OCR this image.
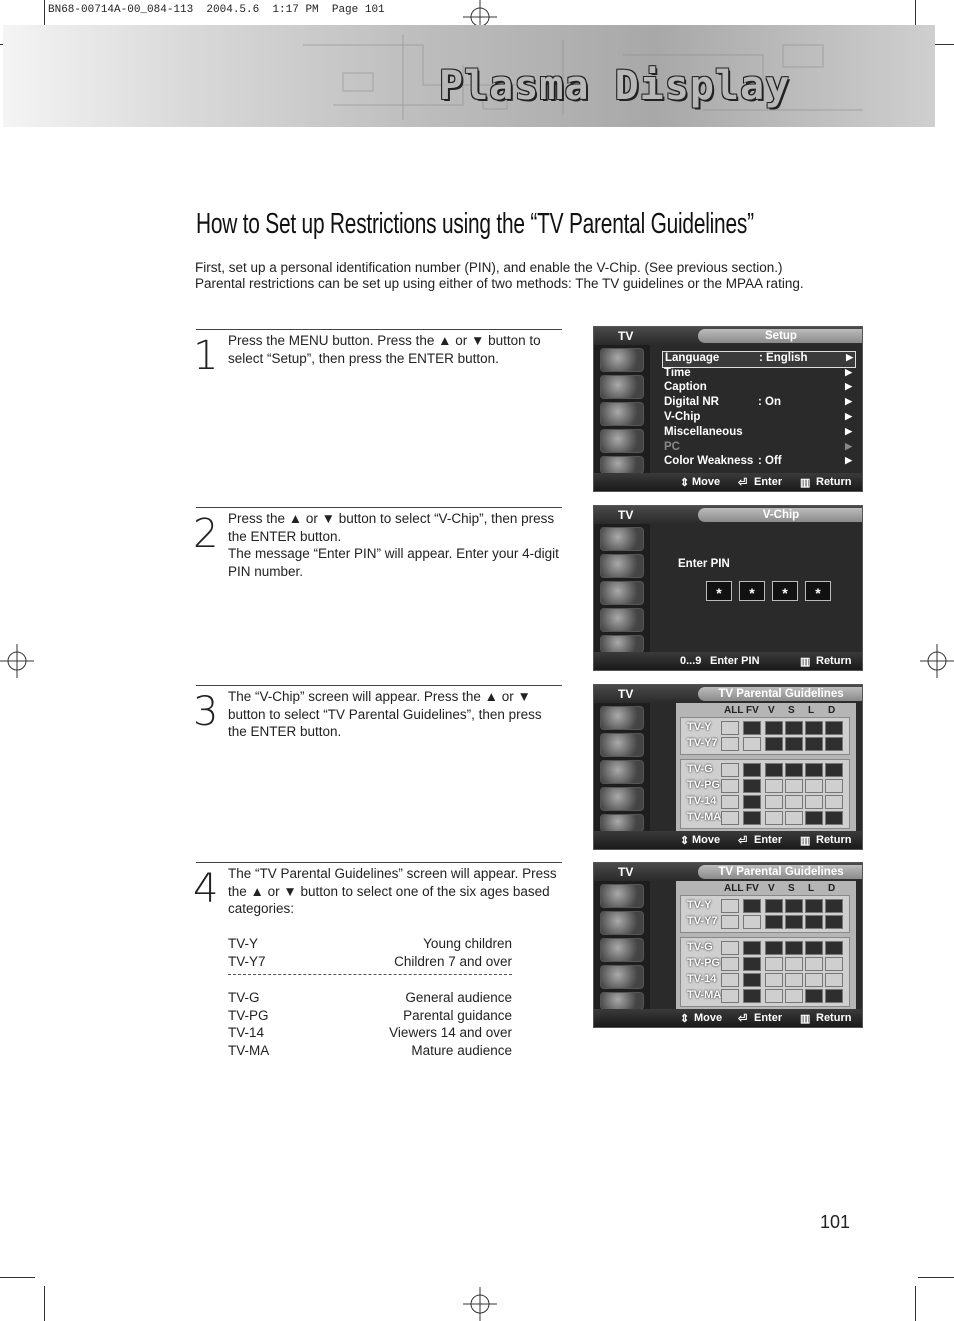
BN68-00714A-00_084-113  2004.5.6  1:17 PM  Page 101
Plasma Display
How to Set up Restrictions using the “TV Parental Guidelines”
First, set up a personal identification number (PIN), and enable the V-Chip. (See previous section.)
Parental restrictions can be set up using either of two methods: The TV guidelines or the MPAA rating.
1 Press the MENU button. Press the ▲ or ▼ button to select “Setup”, then press the ENTER button.
2 Press the ▲ or ▼ button to select “V-Chip”, then press the ENTER button.
The message “Enter PIN” will appear. Enter your 4-digit PIN number.
3 The “V-Chip” screen will appear. Press the ▲ or ▼ button to select “TV Parental Guidelines”, then press the ENTER button.
4 The “TV Parental Guidelines” screen will appear. Press the ▲ or ▼ button to select one of the six ages based categories:
TV-Y	Young children
TV-Y7	Children 7 and over
TV-G	General audience
TV-PG	Parental guidance
TV-14	Viewers 14 and over
TV-MA	Mature audience
TV	Setup
Language	: English	▶
Time	▶
Caption	▶
Digital NR	: On	▶
V-Chip	▶
Miscellaneous	▶
PC	▶
Color Weakness : Off	▶
⇕ Move ⏎ Enter ▥ Return
TV	V-Chip
Enter PIN
*	*	*	*
0...9 Enter PIN	▥ Return
TV	TV Parental Guidelines
ALL FV V S L D
TV-Y
TV-Y7
TV-G
TV-PG
TV-14
TV-MA
⇕ Move ⏎ Enter ▥ Return
TV	TV Parental Guidelines
ALL FV V S L D
TV-Y
TV-Y7
TV-G
TV-PG
TV-14
TV-MA
⇕ Move ⏎ Enter ▥ Return
101
